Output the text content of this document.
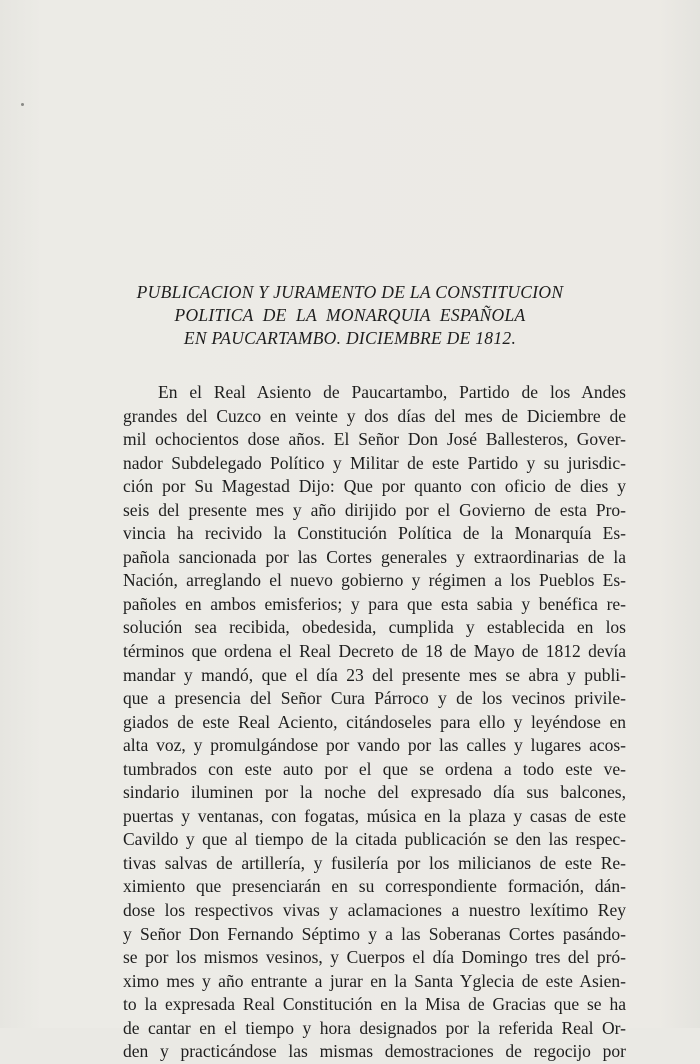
PUBLICACION Y JURAMENTO DE LA CONSTITUCION
POLITICA  DE  LA  MONARQUIA  ESPAÑOLA
EN PAUCARTAMBO. DICIEMBRE DE 1812.
En el Real Asiento de Paucartambo, Partido de los Andes
grandes del Cuzco en veinte y dos días del mes de Diciembre de
mil ochocientos dose años. El Señor Don José Ballesteros, Gover-
nador Subdelegado Político y Militar de este Partido y su jurisdic-
ción por Su Magestad Dijo: Que por quanto con oficio de dies y
seis del presente mes y año dirijido por el Govierno de esta Pro-
vincia ha recivido la Constitución Política de la Monarquía Es-
pañola sancionada por las Cortes generales y extraordinarias de la
Nación, arreglando el nuevo gobierno y régimen a los Pueblos Es-
pañoles en ambos emisferios; y para que esta sabia y benéfica re-
solución sea recibida, obedesida, cumplida y establecida en los
términos que ordena el Real Decreto de 18 de Mayo de 1812 devía
mandar y mandó, que el día 23 del presente mes se abra y publi-
que a presencia del Señor Cura Párroco y de los vecinos privile-
giados de este Real Aciento, citándoseles para ello y leyéndose en
alta voz, y promulgándose por vando por las calles y lugares acos-
tumbrados con este auto por el que se ordena a todo este ve-
sindario iluminen por la noche del expresado día sus balcones,
puertas y ventanas, con fogatas, música en la plaza y casas de este
Cavildo y que al tiempo de la citada publicación se den las respec-
tivas salvas de artillería, y fusilería por los milicianos de este Re-
ximiento que presenciarán en su correspondiente formación, dán-
dose los respectivos vivas y aclamaciones a nuestro lexítimo Rey
y Señor Don Fernando Séptimo y a las Soberanas Cortes pasándo-
se por los mismos vesinos, y Cuerpos el día Domingo tres del pró-
ximo mes y año entrante a jurar en la Santa Yglecia de este Asien-
to la expresada Real Constitución en la Misa de Gracias que se ha
de cantar en el tiempo y hora designados por la referida Real Or-
den y practicándose las mismas demostraciones de regocijo por
